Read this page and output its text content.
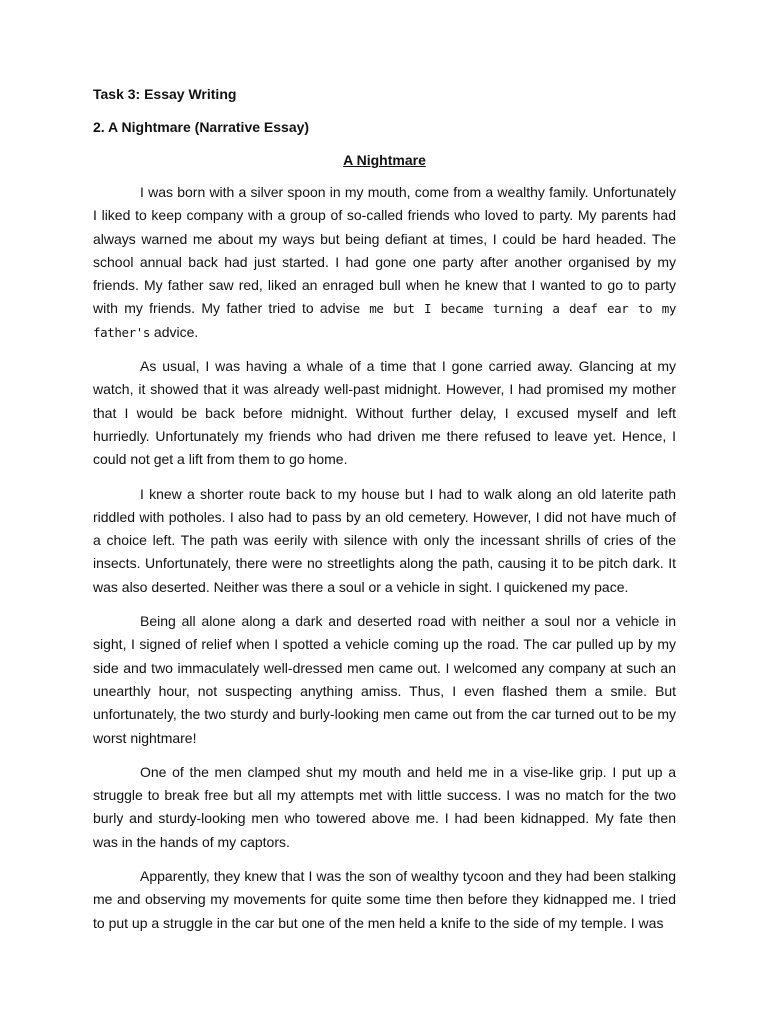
Task 3: Essay Writing

2. A Nightmare (Narrative Essay)

A Nightmare

I was born with a silver spoon in my mouth, come from a wealthy family. Unfortunately I liked to keep company with a group of so-called friends who loved to party. My parents had always warned me about my ways but being defiant at times, I could be hard headed. The school annual back had just started. I had gone one party after another organised by my friends. My father saw red, liked an enraged bull when he knew that I wanted to go to party with my friends. My father tried to advise me but I became turning a deaf ear to my father's advice.

As usual, I was having a whale of a time that I gone carried away. Glancing at my watch, it showed that it was already well-past midnight. However, I had promised my mother that I would be back before midnight. Without further delay, I excused myself and left hurriedly. Unfortunately my friends who had driven me there refused to leave yet. Hence, I could not get a lift from them to go home.

I knew a shorter route back to my house but I had to walk along an old laterite path riddled with potholes. I also had to pass by an old cemetery. However, I did not have much of a choice left. The path was eerily with silence with only the incessant shrills of cries of the insects. Unfortunately, there were no streetlights along the path, causing it to be pitch dark. It was also deserted. Neither was there a soul or a vehicle in sight. I quickened my pace.

Being all alone along a dark and deserted road with neither a soul nor a vehicle in sight, I signed of relief when I spotted a vehicle coming up the road. The car pulled up by my side and two immaculately well-dressed men came out. I welcomed any company at such an unearthly hour, not suspecting anything amiss. Thus, I even flashed them a smile. But unfortunately, the two sturdy and burly-looking men came out from the car turned out to be my worst nightmare!

One of the men clamped shut my mouth and held me in a vise-like grip. I put up a struggle to break free but all my attempts met with little success. I was no match for the two burly and sturdy-looking men who towered above me. I had been kidnapped. My fate then was in the hands of my captors.

Apparently, they knew that I was the son of wealthy tycoon and they had been stalking me and observing my movements for quite some time then before they kidnapped me. I tried to put up a struggle in the car but one of the men held a knife to the side of my temple. I was
